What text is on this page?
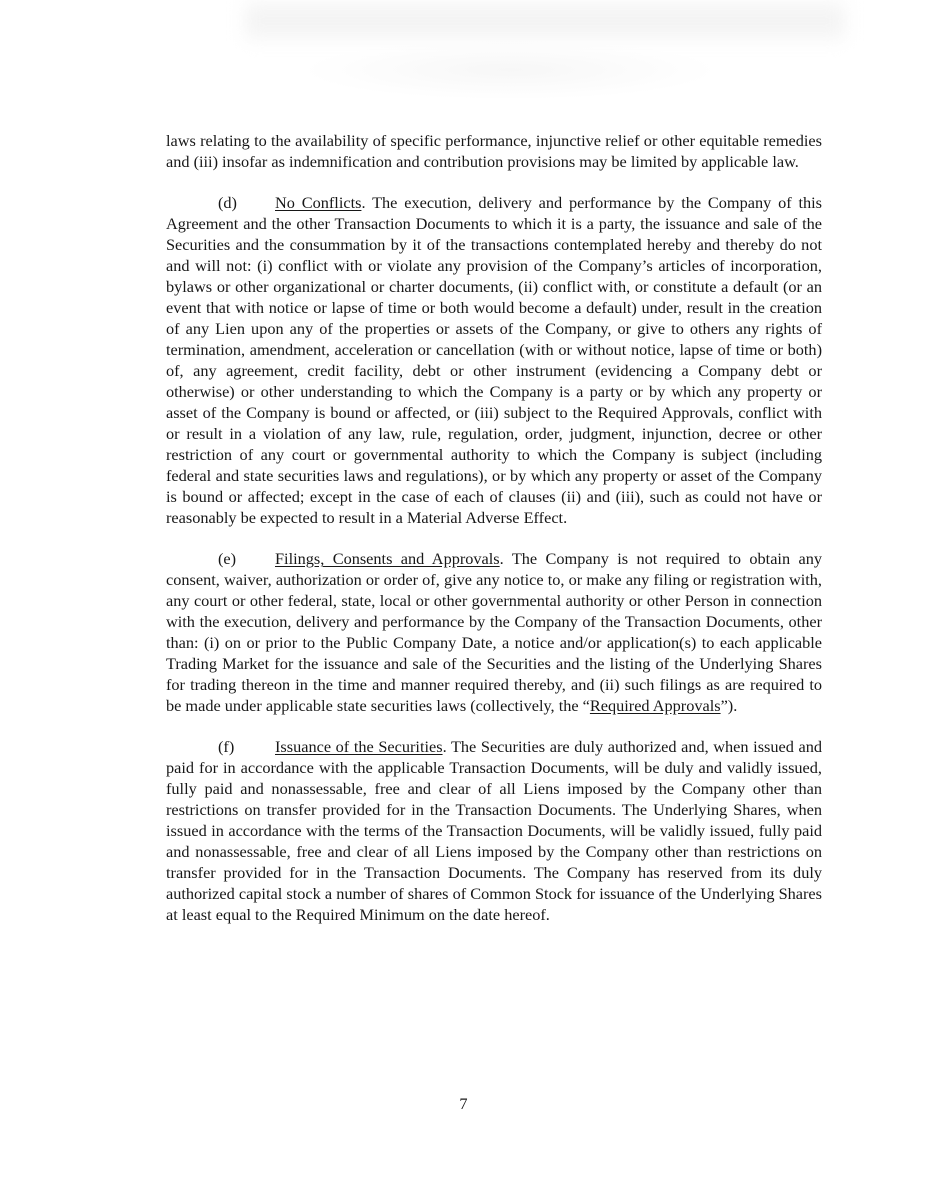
laws relating to the availability of specific performance, injunctive relief or other equitable remedies and (iii) insofar as indemnification and contribution provisions may be limited by applicable law.

(d) No Conflicts. The execution, delivery and performance by the Company of this Agreement and the other Transaction Documents to which it is a party, the issuance and sale of the Securities and the consummation by it of the transactions contemplated hereby and thereby do not and will not: (i) conflict with or violate any provision of the Company’s articles of incorporation, bylaws or other organizational or charter documents, (ii) conflict with, or constitute a default (or an event that with notice or lapse of time or both would become a default) under, result in the creation of any Lien upon any of the properties or assets of the Company, or give to others any rights of termination, amendment, acceleration or cancellation (with or without notice, lapse of time or both) of, any agreement, credit facility, debt or other instrument (evidencing a Company debt or otherwise) or other understanding to which the Company is a party or by which any property or asset of the Company is bound or affected, or (iii) subject to the Required Approvals, conflict with or result in a violation of any law, rule, regulation, order, judgment, injunction, decree or other restriction of any court or governmental authority to which the Company is subject (including federal and state securities laws and regulations), or by which any property or asset of the Company is bound or affected; except in the case of each of clauses (ii) and (iii), such as could not have or reasonably be expected to result in a Material Adverse Effect.

(e) Filings, Consents and Approvals. The Company is not required to obtain any consent, waiver, authorization or order of, give any notice to, or make any filing or registration with, any court or other federal, state, local or other governmental authority or other Person in connection with the execution, delivery and performance by the Company of the Transaction Documents, other than: (i) on or prior to the Public Company Date, a notice and/or application(s) to each applicable Trading Market for the issuance and sale of the Securities and the listing of the Underlying Shares for trading thereon in the time and manner required thereby, and (ii) such filings as are required to be made under applicable state securities laws (collectively, the “Required Approvals”).

(f) Issuance of the Securities. The Securities are duly authorized and, when issued and paid for in accordance with the applicable Transaction Documents, will be duly and validly issued, fully paid and nonassessable, free and clear of all Liens imposed by the Company other than restrictions on transfer provided for in the Transaction Documents. The Underlying Shares, when issued in accordance with the terms of the Transaction Documents, will be validly issued, fully paid and nonassessable, free and clear of all Liens imposed by the Company other than restrictions on transfer provided for in the Transaction Documents. The Company has reserved from its duly authorized capital stock a number of shares of Common Stock for issuance of the Underlying Shares at least equal to the Required Minimum on the date hereof.

7
